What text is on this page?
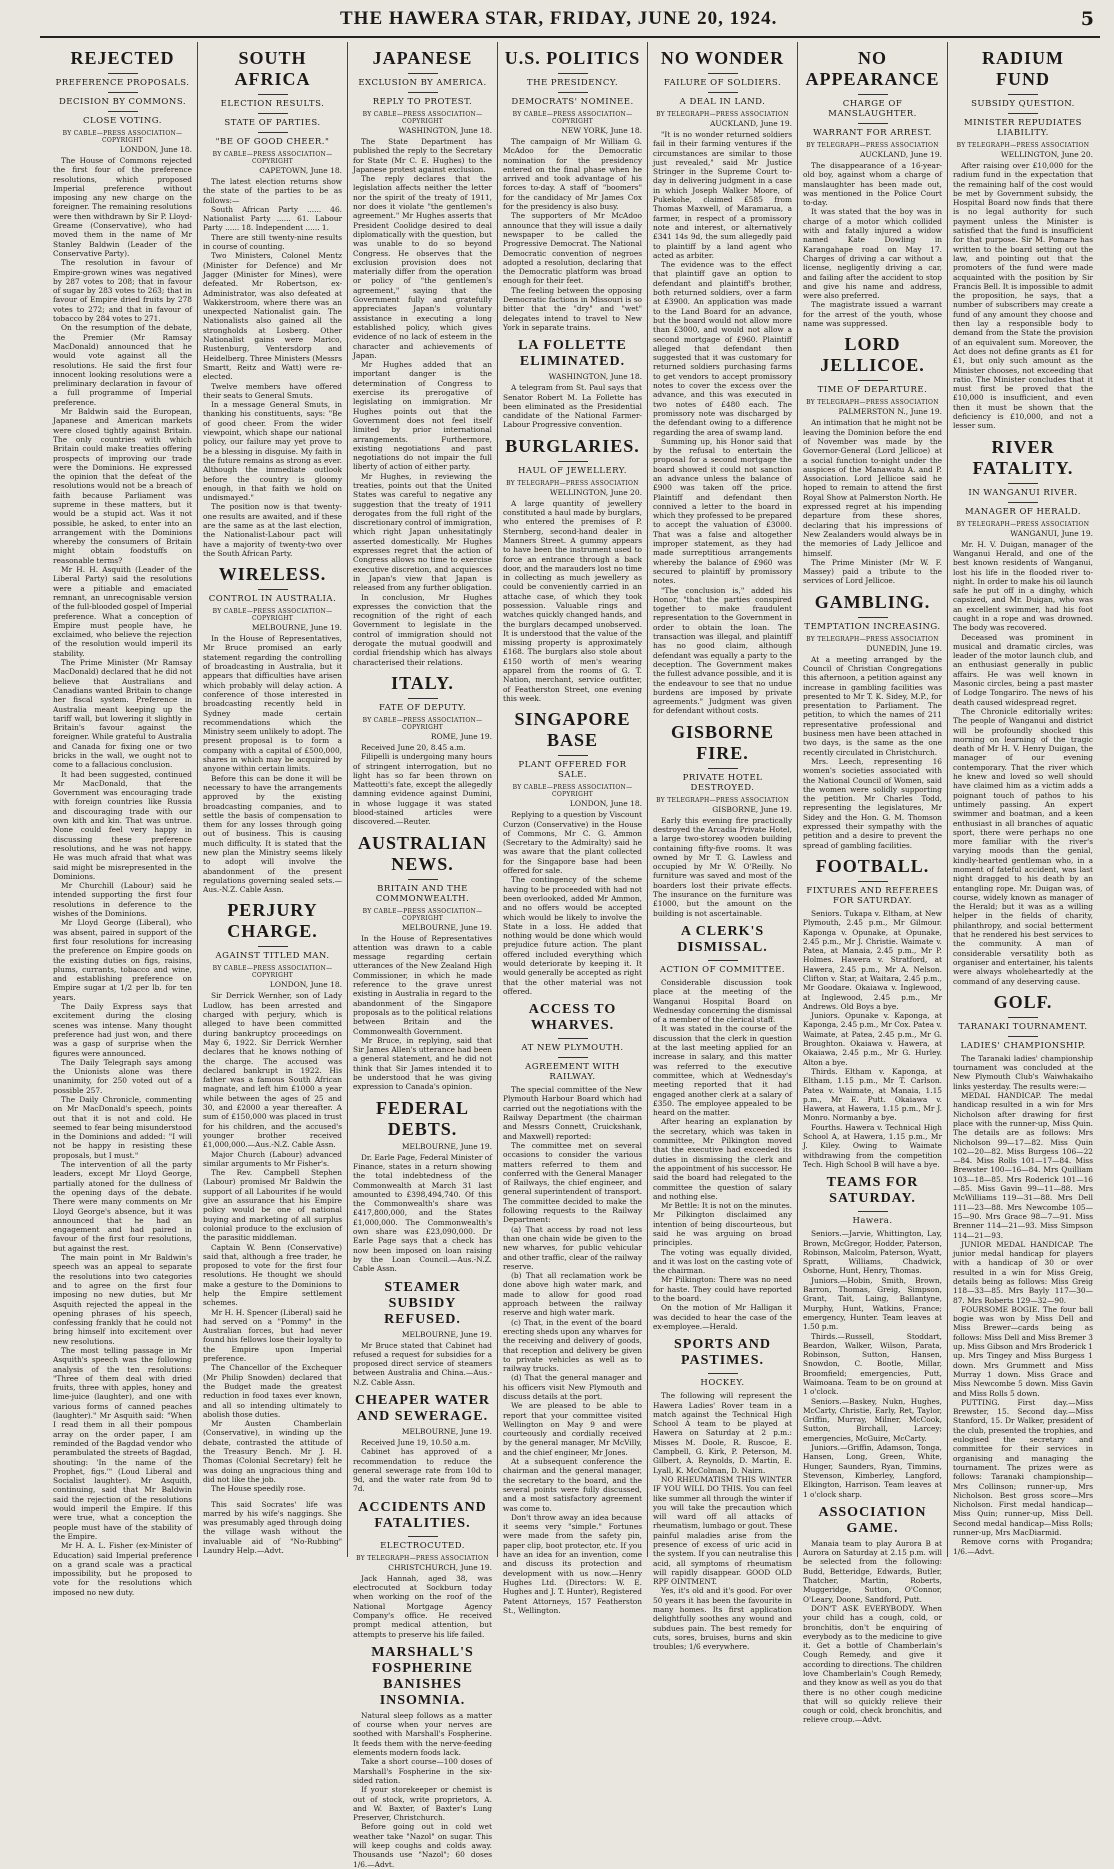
THE HAWERA STAR, FRIDAY, JUNE 20, 1924.	5
REJECTED
PREFERENCE PROPOSALS.
DECISION BY COMMONS.
CLOSE VOTING.
BY CABLE—PRESS ASSOCIATION—COPYRIGHT
LONDON, June 18.

The House of Commons rejected the first four of the preference resolutions, which proposed Imperial preference without imposing any new charge on the foreigner. The remaining resolutions were then withdrawn by Sir P. Lloyd-Greame (Conservative), who had moved them in the name of Mr Stanley Baldwin (Leader of the Conservative Party).

The resolution in favour of Empire-grown wines was negatived by 287 votes to 208; that in favour of sugar by 283 votes to 263; that in favour of Empire dried fruits by 278 votes to 272; and that in favour of tobacco by 284 votes to 271.

On the resumption of the debate, the Premier (Mr Ramsay MacDonald) announced that he would vote against all the resolutions. He said the first four innocent looking resolutions were a preliminary declaration in favour of a full programme of Imperial preference.

Mr Baldwin said the European, Japanese and American markets were closed tightly against Britain. The only countries with which Britain could make treaties offering prospects of improving our trade were the Dominions. He expressed the opinion that the defeat of the resolutions would not be a breach of faith because Parliament was supreme in these matters, but it would be a stupid act. Was it not possible, he asked, to enter into an arrangement with the Dominions whereby the consumers of Britain might obtain foodstuffs on reasonable terms?

Mr H. H. Asquith (Leader of the Liberal Party) said the resolutions were a pitiable and emaciated remnant, an unrecognisable version of the full-blooded gospel of Imperial preference. What a conception of Empire must people have, he exclaimed, who believe the rejection of the resolution would imperil its stability.

The Prime Minister (Mr Ramsay MacDonald) declared that he did not believe that Australians and Canadians wanted Britain to change her fiscal system. Preference in Australia meant keeping up the tariff wall, but lowering it slightly in Britain's favour against the foreigner. While grateful to Australia and Canada for fixing one or two bricks in the wall, we ought not to come to a fallacious conclusion.

It had been suggested, continued Mr MacDonald, that the Government was encouraging trade with foreign countries like Russia and discouraging trade with our own kith and kin. That was untrue. None could feel very happy in discussing these preference resolutions, and he was not happy. He was much afraid that what was said might be misrepresented in the Dominions.

Mr Churchill (Labour) said he intended supporting the first four resolutions in deference to the wishes of the Dominions.

Mr Lloyd George (Liberal), who was absent, paired in support of the first four resolutions for increasing the preference on Empire goods on the existing duties on figs, raisins, plums, currants, tobacco and wine, and establishing preference on Empire sugar at 1/2 per lb. for ten years.

The Daily Express says that excitement during the closing scenes was intense. Many thought preference had just won, and there was a gasp of surprise when the figures were announced.

The Daily Telegraph says among the Unionists alone was there unanimity, for 250 voted out of a possible 257.

The Daily Chronicle, commenting on Mr MacDonald's speech, points out that it is not and cold. He seemed to fear being misunderstood in the Dominions and added: "I will not be happy in resisting these proposals, but I must."

The intervention of all the party leaders, except Mr Lloyd George, partially atoned for the dullness of the opening days of the debate. There were many comments on Mr Lloyd George's absence, but it was announced that he had an engagement and had paired in favour of the first four resolutions, but against the rest.

The main point in Mr Baldwin's speech was an appeal to separate the resolutions into two categories and to agree on the first four imposing no new duties, but Mr Asquith rejected the appeal in the opening phrases of his speech, confessing frankly that he could not bring himself into excitement over new resolutions.

The most telling passage in Mr Asquith's speech was the following analysis of the ten resolutions: "Three of them deal with dried fruits, three with apples, honey and lime-juice (laughter), and one with various forms of canned peaches (laughter)." Mr Asquith said: "When I read them in all their pompous array on the order paper, I am reminded of the Bagdad vendor who perambulated the streets of Bagdad, shouting: 'In the name of the Prophet, figs.'" (Loud Liberal and Socialist laughter). Mr Asquith, continuing, said that Mr Baldwin said the rejection of the resolutions would imperil the Empire. If this were true, what a conception the people must have of the stability of the Empire.

Mr H. A. L. Fisher (ex-Minister of Education) said Imperial preference on a grand scale was a practical impossibility, but he proposed to vote for the resolutions which imposed no new duty.

SOUTH AFRICA
ELECTION RESULTS.
STATE OF PARTIES.
"BE OF GOOD CHEER."
BY CABLE—PRESS ASSOCIATION—COPYRIGHT
CAPETOWN, June 18.

The latest election returns show the state of the parties to be as follows:—

South African Party ...... 46. Nationalist Party ...... 61. Labour Party ...... 18. Independent ...... 1.

There are still twenty-nine results in course of counting.

Two Ministers, Colonel Mentz (Minister for Defence) and Mr Jagger (Minister for Mines), were defeated. Mr Robertson, ex-Administrator, was also defeated at Wakkerstroom, where there was an unexpected Nationalist gain. The Nationalists also gained all the strongholds at Losberg. Other Nationalist gains were Marico, Rustenburg, Ventersdorp and Heidelberg. Three Ministers (Messrs Smartt, Reitz and Watt) were re-elected.

Twelve members have offered their seats to General Smuts.

In a message General Smuts, in thanking his constituents, says: "Be of good cheer. From the wider viewpoint, which shape our national policy, our failure may yet prove to be a blessing in disguise. My faith in the future remains as strong as ever. Although the immediate outlook before the country is gloomy enough, in that faith we hold on undismayed."

The position now is that twenty-one results are awaited, and if these are the same as at the last election, the Nationalist-Labour pact will have a majority of twenty-two over the South African Party.

WIRELESS.
CONTROL IN AUSTRALIA.
BY CABLE—PRESS ASSOCIATION—COPYRIGHT
MELBOURNE, June 19.

In the House of Representatives, Mr Bruce promised an early statement regarding the controlling of broadcasting in Australia, but it appears that difficulties have arisen which probably will delay action. A conference of those interested in broadcasting recently held in Sydney made certain recommendations which the Ministry seem unlikely to adopt. The present proposal is to form a company with a capital of £500,000, shares in which may be acquired by anyone within certain limits.

Before this can be done it will be necessary to have the arrangements approved by the existing broadcasting companies, and to settle the basis of compensation to them for any losses through going out of business. This is causing much difficulty. It is stated that the new plan the Ministry seems likely to adopt will involve the abandonment of the present regulations governing sealed sets.—Aus.-N.Z. Cable Assn.

PERJURY CHARGE.
AGAINST TITLED MAN.
BY CABLE—PRESS ASSOCIATION—COPYRIGHT
LONDON, June 18.

Sir Derrick Wernher, son of Lady Ludlow, has been arrested and charged with perjury, which is alleged to have been committed during bankruptcy proceedings on May 6, 1922. Sir Derrick Wernher declares that he knows nothing of the charge. The accused was declared bankrupt in 1922. His father was a famous South African magnate, and left him £1000 a year while between the ages of 25 and 30, and £2000 a year thereafter. A sum of £150,000 was placed in trust for his children, and the accused's younger brother received £1,000,000.—Aus.-N.Z. Cable Assn.

Major Church (Labour) advanced similar arguments to Mr Fisher's.

The Rev. Campbell Stephen (Labour) promised Mr Baldwin the support of all Labourites if he would give an assurance that his Empire policy would be one of national buying and marketing of all surplus colonial produce to the exclusion of the parasitic middleman.

Captain W. Benn (Conservative) said that, although a free trader, he proposed to vote for the first four resolutions. He thought we should make a gesture to the Dominions to help the Empire settlement schemes.

Mr H. H. Spencer (Liberal) said he had served on a "Pommy" in the Australian forces, but had never found his fellows lose their loyalty to the Empire upon Imperial preference.

The Chancellor of the Exchequer (Mr Philip Snowden) declared that the Budget made the greatest reduction in food taxes ever known, and all so intending ultimately to abolish those duties.

Mr Austen Chamberlain (Conservative), in winding up the debate, contrasted the attitude of the Treasury Bench. Mr J. H. Thomas (Colonial Secretary) felt he was doing an ungracious thing and did not like the job.

The House speedily rose.

This said Socrates' life was marred by his wife's naggings. She was presumably aged through doing the village wash without the invaluable aid of "No-Rubbing" Laundry Help.—Advt.

JAPANESE
EXCLUSION BY AMERICA.
REPLY TO PROTEST.
BY CABLE—PRESS ASSOCIATION—COPYRIGHT
WASHINGTON, June 18.

The State Department has published the reply to the Secretary for State (Mr C. E. Hughes) to the Japanese protest against exclusion.

The reply declares that the legislation affects neither the letter nor the spirit of the treaty of 1911, nor does it violate "the gentlemen's agreement." Mr Hughes asserts that President Coolidge desired to deal diplomatically with the question, but was unable to do so beyond Congress. He observes that the exclusion provision does not materially differ from the operation or policy of "the gentlemen's agreement," saying that the Government fully and gratefully appreciates Japan's voluntary assistance in executing a long established policy, which gives evidence of no lack of esteem in the character and achievements of Japan.

Mr Hughes added that an important danger is the determination of Congress to exercise its prerogative of legislating on immigration. Mr Hughes points out that the Government does not feel itself limited by prior international arrangements. Furthermore, existing negotiations and past negotiations do not impair the full liberty of action of either party.

Mr Hughes, in reviewing the treaties, points out that the United States was careful to negative any suggestion that the treaty of 1911 derogates from the full right of the discretionary control of immigration, which right Japan unhesitatingly asserted domestically. Mr Hughes expresses regret that the action of Congress allows no time to exercise executive discretion, and acquiesces in Japan's view that Japan is released from any further obligation.

In conclusion, Mr Hughes expresses the conviction that the recognition of the right of each Government to legislate in the control of immigration should not derogate the mutual goodwill and cordial friendship which has always characterised their relations.

ITALY.
FATE OF DEPUTY.
BY CABLE—PRESS ASSOCIATION—COPYRIGHT
ROME, June 19.

Received June 20, 8.45 a.m.

Filipelli is undergoing many hours of stringent interrogation, but no light has so far been thrown on Matteotti's fate, except the allegedly damning evidence against Dumini, in whose luggage it was stated blood-stained articles were discovered.—Reuter.

AUSTRALIAN NEWS.
BRITAIN AND THE COMMONWEALTH.
BY CABLE—PRESS ASSOCIATION—COPYRIGHT
MELBOURNE, June 19.

In the House of Representatives attention was drawn to a cable message regarding certain utterances of the New Zealand High Commissioner, in which he made reference to the grave unrest existing in Australia in regard to the abandonment of the Singapore proposals as to the political relations between Britain and the Commonwealth Government.

Mr Bruce, in replying, said that Sir James Allen's utterance had been a general statement, and he did not think that Sir James intended it to be understood that he was giving expression to Canada's opinion.

FEDERAL DEBTS.
MELBOURNE, June 19.

Dr. Earle Page, Federal Minister of Finance, states in a return showing the total indebtedness of the Commonwealth at March 31 last amounted to £398,494,740. Of this the Commonwealth's share was £417,800,000, and the States £1,000,000. The Commonwealth's own share was £23,090,000. Dr Earle Page says that a check has now been imposed on loan raising by the Loan Council.—Aus.-N.Z. Cable Assn.

STEAMER SUBSIDY REFUSED.
MELBOURNE, June 19.

Mr Bruce stated that Cabinet had refused a request for subsidies for a proposed direct service of steamers between Australia and China.—Aus.-N.Z. Cable Assn.

CHEAPER WATER AND SEWERAGE.
MELBOURNE, June 19.

Received June 19, 10.50 a.m.

Cabinet has approved of a recommendation to reduce the general sewerage rate from 10d to 9d, and the water rate from 9d to 7d.

ACCIDENTS AND FATALITIES.
ELECTROCUTED.
BY TELEGRAPH—PRESS ASSOCIATION
CHRISTCHURCH, June 19.

Jack Hannah, aged 38, was electrocuted at Sockburn today when working on the roof of the National Mortgage Agency Company's office. He received prompt medical attention, but attempts to preserve his life failed.

MARSHALL'S FOSPHERINE BANISHES INSOMNIA.

Natural sleep follows as a matter of course when your nerves are soothed with Marshall's Fospherine. It feeds them with the nerve-feeding elements modern foods lack.

Take a short course—100 doses of Marshall's Fospherine in the six-sided ration.

If your storekeeper or chemist is out of stock, write proprietors, A. and W. Baxter, of Baxter's Lung Preserver, Christchurch.

Before going out in cold wet weather take "Nazol" on sugar. This will keep coughs and colds away. Thousands use "Nazol"; 60 doses 1/6.—Advt.

U.S. POLITICS
THE PRESIDENCY.
DEMOCRATS' NOMINEE.
BY CABLE—PRESS ASSOCIATION—COPYRIGHT
NEW YORK, June 18.

The campaign of Mr William G. McAdoo for the Democratic nomination for the presidency entered on the final phase when he arrived and took advantage of his forces to-day. A staff of "boomers" for the candidacy of Mr James Cox for the presidency is also busy.

The supporters of Mr McAdoo announce that they will issue a daily newspaper to be called the Progressive Democrat. The National Democratic convention of negroes adopted a resolution, declaring that the Democratic platform was broad enough for their feet.

The feeling between the opposing Democratic factions in Missouri is so bitter that the "dry" and "wet" delegates intend to travel to New York in separate trains.

LA FOLLETTE ELIMINATED.
WASHINGTON, June 18.

A telegram from St. Paul says that Senator Robert M. La Follette has been eliminated as the Presidential candidate of the National Farmer-Labour Progressive convention.

BURGLARIES.
HAUL OF JEWELLERY.
BY TELEGRAPH—PRESS ASSOCIATION
WELLINGTON, June 20.

A large quantity of jewellery constituted a haul made by burglars, who entered the premises of P. Sternberg, second-hand dealer in Manners Street. A gummy appears to have been the instrument used to force an entrance through a back door, and the marauders lost no time in collecting as much jewellery as could be conveniently carried in an attache case, of which they took possession. Valuable rings and watches quickly changed hands, and the burglars decamped unobserved. It is understood that the value of the missing property is approximately £168. The burglars also stole about £150 worth of men's wearing apparel from the rooms of G. T. Nation, merchant, service outfitter, of Featherston Street, one evening this week.

SINGAPORE BASE
PLANT OFFERED FOR SALE.
BY CABLE—PRESS ASSOCIATION—COPYRIGHT
LONDON, June 18.

Replying to a question by Viscount Curzon (Conservative) in the House of Commons, Mr C. G. Ammon (Secretary to the Admiralty) said he was aware that the plant collected for the Singapore base had been offered for sale.

The contingency of the scheme having to be proceeded with had not been overlooked, added Mr Ammon, and no offers would be accepted which would be likely to involve the State in a loss. He added that nothing would be done which would prejudice future action. The plant offered included everything which would deteriorate by keeping it. It would generally be accepted as right that the other material was not offered.

ACCESS TO WHARVES.
AT NEW PLYMOUTH.
AGREEMENT WITH RAILWAY.

The special committee of the New Plymouth Harbour Board which had carried out the negotiations with the Railway Department (the chairman and Messrs Connett, Cruickshank, and Maxwell) reported:

The committee met on several occasions to consider the various matters referred to them and conferred with the General Manager of Railways, the chief engineer, and general superintendent of transport. The committee decided to make the following requests to the Railway Department:

(a) That access by road not less than one chain wide be given to the new wharves, for public vehicular and other traffic, clear of the railway reserve.

(b) That all reclamation work be done above high water mark, and made to allow for good road approach between the railway reserve and high water mark.

(c) That, in the event of the board erecting sheds upon any wharves for the receiving and delivery of goods, that reception and delivery be given to private vehicles as well as to railway trucks.

(d) That the general manager and his officers visit New Plymouth and discuss details at the port.

We are pleased to be able to report that your committee visited Wellington on May 9 and were courteously and cordially received by the general manager, Mr McVilly, and the chief engineer, Mr Jones.

At a subsequent conference the chairman and the general manager, the secretary to the board, and the several points were fully discussed, and a most satisfactory agreement was come to.

Don't throw away an idea because it seems very "simple." Fortunes were made from the safety pin, paper clip, boot protector, etc. If you have an idea for an invention, come and discuss its protection and development with us now.—Henry Hughes Ltd. (Directors: W. E. Hughes and J. T. Hunter), Registered Patent Attorneys, 157 Featherston St., Wellington.

NO WONDER
FAILURE OF SOLDIERS.
A DEAL IN LAND.
BY TELEGRAPH—PRESS ASSOCIATION
AUCKLAND, June 19.

"It is no wonder returned soldiers fail in their farming ventures if the circumstances are similar to those just revealed," said Mr Justice Stringer in the Supreme Court to-day in delivering judgment in a case in which Joseph Walker Moore, of Pukekohe, claimed £585 from Thomas Maxwell, of Maramarua, a farmer, in respect of a promissory note and interest, or alternatively £341 14s 9d, the sum allegedly paid to plaintiff by a land agent who acted as arbiter.

The evidence was to the effect that plaintiff gave an option to defendant and plaintiff's brother, both returned soldiers, over a farm at £3900. An application was made to the Land Board for an advance, but the board would not allow more than £3000, and would not allow a second mortgage of £960. Plaintiff alleged that defendant then suggested that it was customary for returned soldiers purchasing farms to get vendors to accept promissory notes to cover the excess over the advance, and this was executed in two notes of £480 each. The promissory note was discharged by the defendant owing to a difference regarding the area of swamp land.

Summing up, his Honor said that by the refusal to entertain the proposal for a second mortgage the board showed it could not sanction an advance unless the balance of £900 was taken off the price. Plaintiff and defendant then connived a letter to the board in which they professed to be prepared to accept the valuation of £3000. That was a false and altogether improper statement, as they had made surreptitious arrangements whereby the balance of £960 was secured to plaintiff by promissory notes.

"The conclusion is," added his Honor, "that the parties conspired together to make fraudulent representation to the Government in order to obtain the loan. The transaction was illegal, and plaintiff has no good claim, although defendant was equally a party to the deception. The Government makes the fullest advance possible, and it is the endeavour to see that no undue burdens are imposed by private agreements." Judgment was given for defendant without costs.

GISBORNE FIRE.
PRIVATE HOTEL DESTROYED.
BY TELEGRAPH—PRESS ASSOCIATION
GISBORNE, June 19.

Early this evening fire practically destroyed the Arcadia Private Hotel, a large two-storey wooden building containing fifty-five rooms. It was owned by Mr T. G. Lawless and occupied by Mr W. O'Reilly. No furniture was saved and most of the boarders lost their private effects. The insurance on the furniture was £1000, but the amount on the building is not ascertainable.

A CLERK'S DISMISSAL.
ACTION OF COMMITTEE.

Considerable discussion took place at the meeting of the Wanganui Hospital Board on Wednesday concerning the dismissal of a member of the clerical staff.

It was stated in the course of the discussion that the clerk in question at the last meeting applied for an increase in salary, and this matter was referred to the executive committee, which at Wednesday's meeting reported that it had engaged another clerk at a salary of £350. The employee appealed to be heard on the matter.

After hearing an explanation by the secretary, which was taken in committee, Mr Pilkington moved that the executive had exceeded its duties in dismissing the clerk and the appointment of his successor. He said the board had relegated to the committee the question of salary and nothing else.

Mr Bettle: It is not on the minutes. Mr Pilkington disclaimed any intention of being discourteous, but said he was arguing on broad principles.

The voting was equally divided, and it was lost on the casting vote of the chairman.

Mr Pilkington: There was no need for haste. They could have reported to the board.

On the motion of Mr Halligan it was decided to hear the case of the ex-employee.—Herald.

SPORTS AND PASTIMES.
HOCKEY.

The following will represent the Hawera Ladies' Rover team in a match against the Technical High School A team to be played at Hawera on Saturday at 2 p.m.: Misses M. Doole, R. Ruscoe, E. Campbell, G. Kirk, P. Peterson, M. Gilbert, A. Reynolds, D. Martin, E. Lyall, K. McColman, D. Nairn.

NO RHEUMATISM THIS WINTER IF YOU WILL DO THIS. You can feel like summer all through the winter if you will take the precaution which will ward off all attacks of rheumatism, lumbago or gout. These painful maladies arise from the presence of excess of uric acid in the system. If you can neutralise this acid, all symptoms of rheumatism will rapidly disappear. GOOD OLD RPF OINTMENT.

Yes, it's old and it's good. For over 50 years it has been the favourite in many homes. Its first application delightfully soothes any wound and subdues pain. The best remedy for cuts, sores, bruises, burns and skin troubles; 1/6 everywhere.

NO APPEARANCE
CHARGE OF MANSLAUGHTER.
WARRANT FOR ARREST.
BY TELEGRAPH—PRESS ASSOCIATION
AUCKLAND, June 19.

The disappearance of a 16-year-old boy, against whom a charge of manslaughter has been made out, was mentioned in the Police Court to-day.

It was stated that the boy was in charge of a motor which collided with and fatally injured a widow named Kate Dowling in Karangahape road on May 17. Charges of driving a car without a license, negligently driving a car, and failing after the accident to stop and give his name and address, were also preferred.

The magistrate issued a warrant for the arrest of the youth, whose name was suppressed.

LORD JELLICOE.
TIME OF DEPARTURE.
BY TELEGRAPH—PRESS ASSOCIATION
PALMERSTON N., June 19.

An intimation that he might not be leaving the Dominion before the end of November was made by the Governor-General (Lord Jellicoe) at a social function to-night under the auspices of the Manawatu A. and P. Association. Lord Jellicoe said he hoped to remain to attend the first Royal Show at Palmerston North. He expressed regret at his impending departure from these shores, declaring that his impressions of New Zealanders would always be in the memories of Lady Jellicoe and himself.

The Prime Minister (Mr W. F. Massey) paid a tribute to the services of Lord Jellicoe.

GAMBLING.
TEMPTATION INCREASING.
BY TELEGRAPH—PRESS ASSOCIATION
DUNEDIN, June 19.

At a meeting arranged by the Council of Christian Congregations this afternoon, a petition against any increase in gambling facilities was presented to Mr T. K. Sidey, M.P., for presentation to Parliament. The petition, to which the names of 211 representative professional and business men have been attached in two days, is the same as the one recently circulated in Christchurch.

Mrs. Leech, representing 16 women's societies associated with the National Council of Women, said the women were solidly supporting the petition. Mr Charles Todd, representing the legislatures, Mr Sidey and the Hon. G. M. Thomson expressed their sympathy with the petition and a desire to prevent the spread of gambling facilities.

FOOTBALL.
FIXTURES AND REFEREES FOR SATURDAY.

Seniors. Tukapa v. Eltham, at New Plymouth, 2.45 p.m., Mr Gilmour. Kaponga v. Opunake, at Opunake, 2.45 p.m., Mr J. Christie. Waimate v. Patea, at Manaia, 2.45 p.m., Mr P. Holmes. Hawera v. Stratford, at Hawera, 2.45 p.m., Mr A. Nelson. Clifton v. Star, at Waitara, 2.45 p.m., Mr Goodare. Okaiawa v. Inglewood, at Inglewood, 2.45 p.m., Mr Andrews. Old Boys a bye.

Juniors. Opunake v. Kaponga, at Kaponga, 2.45 p.m., Mr Cox. Patea v. Waimate, at Patea, 2.45 p.m., Mr G. Broughton. Okaiawa v. Hawera, at Okaiawa, 2.45 p.m., Mr G. Hurley. Alton a bye.

Thirds. Eltham v. Kaponga, at Eltham, 1.15 p.m., Mr T. Carlson. Patea v. Waimate, at Manaia, 1.15 p.m., Mr E. Putt. Okaiawa v. Hawera, at Hawera, 1.15 p.m., Mr J. Monro. Normanby a bye.

Fourths. Hawera v. Technical High School A, at Hawera, 1.15 p.m., Mr J. Kiley. Owing to Waimate withdrawing from the competition Tech. High School B will have a bye.

TEAMS FOR SATURDAY.
Hawera.

Seniors.—Jarvie, Whittington, Lay, Brown, McGregor, Hodder, Paterson, Robinson, Malcolm, Paterson, Wyatt, Spratt, Williams, Chadwick, Osborne, Hunt, Henry, Thomas.

Juniors.—Hobin, Smith, Brown, Barron, Thomas, Greig, Simpson, Grant, Tait, Laing, Ballantyne, Murphy, Hunt, Watkins, France; emergency, Hunter. Team leaves at 1.50 p.m.

Thirds.—Russell, Stoddart, Beardon, Walker, Wilson, Parata, Robinson, Sutton, Hansen, Snowdon, C. Bootle, Millar, Broomfield; emergencies, Putt, Waimoana. Team to be on ground at 1 o'clock.

Seniors.—Baskey, Nukn, Hughes, McCarty, Christie, Early, Ret, Taylor, Griffin, Murray, Milner, McCook, Sutton, Birchall, Larcey; emergencies, McGuire, McCarty.

Juniors.—Griffin, Adamson, Tonga, Hansen, Long, Green, White, Hunger, Saunders, Ryan, Timmins, Stevenson, Kimberley, Langford, Elkington, Harrison. Team leaves at 1 o'clock sharp.

ASSOCIATION GAME.

Manaia team to play Aurora B at Aurora on Saturday at 2.15 p.m. will be selected from the following: Budd, Betteridge, Edwards, Butler, Thatcher, Martin, Roberts, Muggeridge, Sutton, O'Connor, O'Leary, Doone, Sandford, Putt.

DON'T ASK EVERYBODY. When your child has a cough, cold, or bronchitis, don't be enquiring of everybody as to the medicine to give it. Get a bottle of Chamberlain's Cough Remedy, and give it according to directions. The children love Chamberlain's Cough Remedy, and they know as well as you do that there is no other cough medicine that will so quickly relieve their cough or cold, check bronchitis, and relieve croup.—Advt.

RADIUM FUND
SUBSIDY QUESTION.
MINISTER REPUDIATES LIABILITY.
BY TELEGRAPH—PRESS ASSOCIATION
WELLINGTON, June 20.

After raising over £10,000 for the radium fund in the expectation that the remaining half of the cost would be met by Government subsidy, the Hospital Board now finds that there is no legal authority for such payment unless the Minister is satisfied that the fund is insufficient for that purpose. Sir M. Pomare has written to the board setting out the law, and pointing out that the promoters of the fund were made acquainted with the position by Sir Francis Bell. It is impossible to admit the proposition, he says, that a number of subscribers may create a fund of any amount they choose and then lay a responsible body to demand from the State the provision of an equivalent sum. Moreover, the Act does not define grants as £1 for £1, but only such amount as the Minister chooses, not exceeding that ratio. The Minister concludes that it must first be proved that the £10,000 is insufficient, and even then it must be shown that the deficiency is £10,000, and not a lesser sum.

RIVER FATALITY.
IN WANGANUI RIVER.
MANAGER OF HERALD.
BY TELEGRAPH—PRESS ASSOCIATION
WANGANUI, June 19.

Mr. H. V. Duigan, manager of the Wanganui Herald, and one of the best known residents of Wanganui, lost his life in the flooded river to-night. In order to make his oil launch safe he put off in a dinghy, which capsized, and Mr. Duigan, who was an excellent swimmer, had his foot caught in a rope and was drowned. The body was recovered.

Deceased was prominent in musical and dramatic circles, was leader of the motor launch club, and an enthusiast generally in public affairs. He was well known in Masonic circles, being a past master of Lodge Tongariro. The news of his death caused widespread regret.

The Chronicle editorially writes: The people of Wanganui and district will be profoundly shocked this morning on learning of the tragic death of Mr H. V. Henry Duigan, the manager of our evening contemporary. That the river which he knew and loved so well should have claimed him as a victim adds a poignant touch of pathos to his untimely passing. An expert swimmer and boatman, and a keen enthusiast in all branches of aquatic sport, there were perhaps no one more familiar with the river's varying moods than the genial, kindly-hearted gentleman who, in a moment of fateful accident, was last night dragged to his death by an entangling rope. Mr. Duigan was, of course, widely known as manager of the Herald; but it was as a willing helper in the fields of charity, philanthropy, and social betterment that he rendered his best services to the community. A man of considerable versatility both as organiser and entertainer, his talents were always wholeheartedly at the command of any deserving cause.

GOLF.
TARANAKI TOURNAMENT.
LADIES' CHAMPIONSHIP.

The Taranaki ladies' championship tournament was concluded at the New Plymouth Club's Waiwhakaiho links yesterday. The results were:—

MEDAL HANDICAP. The medal handicap resulted in a win for Mrs Nicholson after drawing for first place with the runner-up, Miss Quin. The details are as follows: Mrs Nicholson 99—17—82. Miss Quin 102—20—82. Miss Burgess 106—22—84. Miss Rolls 101—17—84. Miss Brewster 100—16—84. Mrs Quilliam 103—18—85. Mrs Roderick 101—16—85. Miss Gavin 99—11—88. Mrs McWilliams 119—31—88. Mrs Dell 111—23—88. Mrs Newcombe 105—15—90. Mrs Grace 98—7—91. Miss Brenner 114—21—93. Miss Simpson 114—21—93.

JUNIOR MEDAL HANDICAP. The junior medal handicap for players with a handicap of 30 or over resulted in a win for Miss Greig, details being as follows: Miss Greig 118—33—85. Mrs Bayly 117—30—87. Mrs Roberts 129—32—90.

FOURSOME BOGIE. The four ball bogie was won by Miss Dell and Miss Brewer—cards being as follows: Miss Dell and Miss Bremer 3 up. Miss Gibson and Mrs Broderick 1 up. Mrs Tingey and Miss Burgess 1 down. Mrs Grummett and Miss Murray 1 down. Miss Grace and Miss Newcombe 5 down. Miss Gavin and Miss Rolls 5 down.

PUTTING. First day.—Miss Brewster, 15. Second day.—Miss Stanford, 15. Dr Walker, president of the club, presented the trophies, and eulogised the secretary and committee for their services in organising and managing the tournament. The prizes were as follows: Taranaki championship—Mrs Collinson; runner-up, Mrs Nicholson. Best gross score—Mrs Nicholson. First medal handicap—Miss Quin; runner-up, Miss Dell. Second medal handicap—Miss Rolls; runner-up, Mrs MacDiarmid.

Remove corns with Progandra; 1/6.—Advt.
